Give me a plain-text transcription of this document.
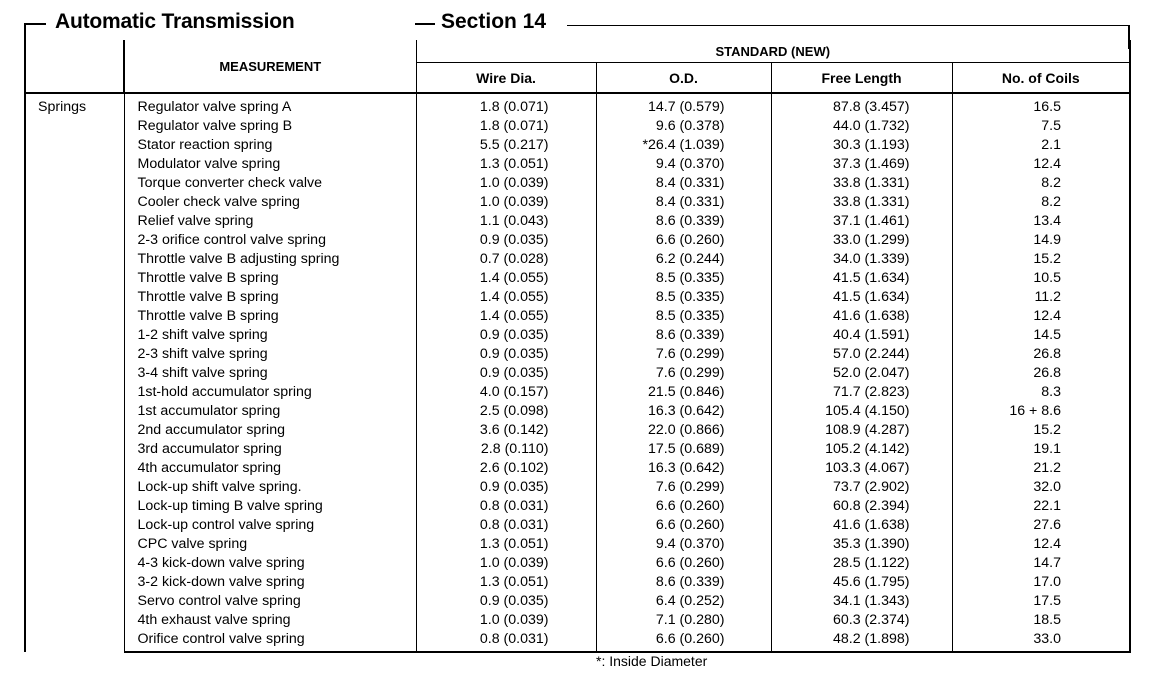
Automatic Transmission	Section 14
	MEASUREMENT	STANDARD (NEW)			
		Wire Dia.	O.D.	Free Length	No. of Coils
Springs	Regulator valve spring A	1.8 (0.071)	14.7 (0.579)	87.8 (3.457)	16.5
	Regulator valve spring B	1.8 (0.071)	9.6 (0.378)	44.0 (1.732)	7.5
	Stator reaction spring	5.5 (0.217)	*26.4 (1.039)	30.3 (1.193)	2.1
	Modulator valve spring	1.3 (0.051)	9.4 (0.370)	37.3 (1.469)	12.4
	Torque converter check valve	1.0 (0.039)	8.4 (0.331)	33.8 (1.331)	8.2
	Cooler check valve spring	1.0 (0.039)	8.4 (0.331)	33.8 (1.331)	8.2
	Relief valve spring	1.1 (0.043)	8.6 (0.339)	37.1 (1.461)	13.4
	2-3 orifice control valve spring	0.9 (0.035)	6.6 (0.260)	33.0 (1.299)	14.9
	Throttle valve B adjusting spring	0.7 (0.028)	6.2 (0.244)	34.0 (1.339)	15.2
	Throttle valve B spring	1.4 (0.055)	8.5 (0.335)	41.5 (1.634)	10.5
	Throttle valve B spring	1.4 (0.055)	8.5 (0.335)	41.5 (1.634)	11.2
	Throttle valve B spring	1.4 (0.055)	8.5 (0.335)	41.6 (1.638)	12.4
	1-2 shift valve spring	0.9 (0.035)	8.6 (0.339)	40.4 (1.591)	14.5
	2-3 shift valve spring	0.9 (0.035)	7.6 (0.299)	57.0 (2.244)	26.8
	3-4 shift valve spring	0.9 (0.035)	7.6 (0.299)	52.0 (2.047)	26.8
	1st-hold accumulator spring	4.0 (0.157)	21.5 (0.846)	71.7 (2.823)	8.3
	1st accumulator spring	2.5 (0.098)	16.3 (0.642)	105.4 (4.150)	16 + 8.6
	2nd accumulator spring	3.6 (0.142)	22.0 (0.866)	108.9 (4.287)	15.2
	3rd accumulator spring	2.8 (0.110)	17.5 (0.689)	105.2 (4.142)	19.1
	4th accumulator spring	2.6 (0.102)	16.3 (0.642)	103.3 (4.067)	21.2
	Lock-up shift valve spring.	0.9 (0.035)	7.6 (0.299)	73.7 (2.902)	32.0
	Lock-up timing B valve spring	0.8 (0.031)	6.6 (0.260)	60.8 (2.394)	22.1
	Lock-up control valve spring	0.8 (0.031)	6.6 (0.260)	41.6 (1.638)	27.6
	CPC valve spring	1.3 (0.051)	9.4 (0.370)	35.3 (1.390)	12.4
	4-3 kick-down valve spring	1.0 (0.039)	6.6 (0.260)	28.5 (1.122)	14.7
	3-2 kick-down valve spring	1.3 (0.051)	8.6 (0.339)	45.6 (1.795)	17.0
	Servo control valve spring	0.9 (0.035)	6.4 (0.252)	34.1 (1.343)	17.5
	4th exhaust valve spring	1.0 (0.039)	7.1 (0.280)	60.3 (2.374)	18.5
	Orifice control valve spring	0.8 (0.031)	6.6 (0.260)	48.2 (1.898)	33.0
*: Inside Diameter
